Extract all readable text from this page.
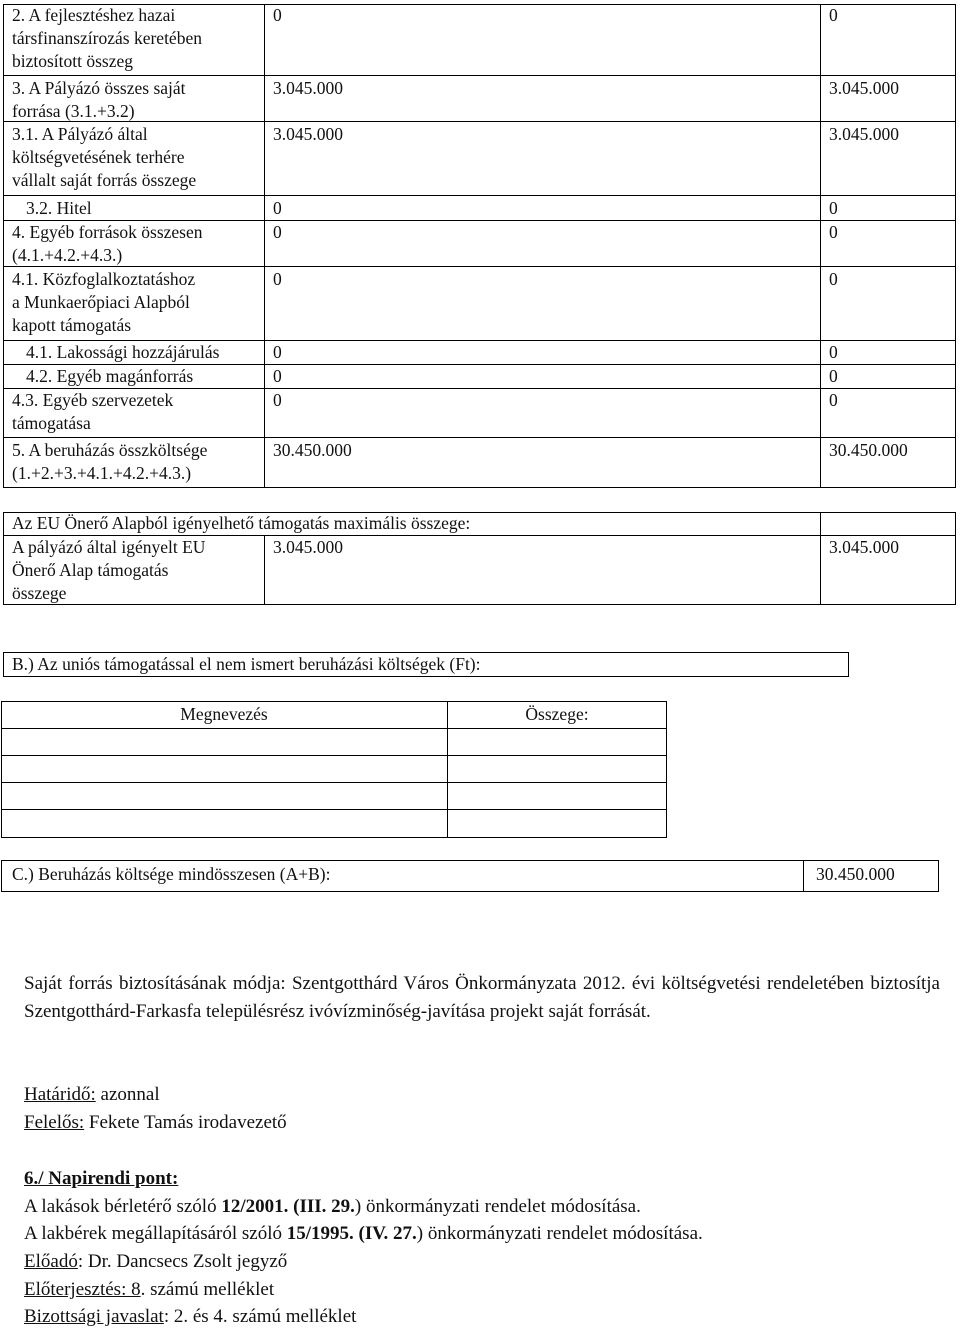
2. A fejlesztéshez hazai
társfinanszírozás keretében
biztosított összeg
0	0
3. A Pályázó összes saját
forrása (3.1.+3.2)
3.045.000	3.045.000
3.1. A Pályázó által
költségvetésének terhére
vállalt saját forrás összege
3.045.000	3.045.000
3.2. Hitel	0	0
4. Egyéb források összesen
(4.1.+4.2.+4.3.)
0	0
4.1. Közfoglalkoztatáshoz
a Munkaerőpiaci Alapból
kapott támogatás
0	0
4.1. Lakossági hozzájárulás	0	0
4.2. Egyéb magánforrás	0	0
4.3. Egyéb szervezetek
támogatása
0	0
5. A beruházás összköltsége
(1.+2.+3.+4.1.+4.2.+4.3.)
30.450.000	30.450.000
Az EU Önerő Alapból igényelhető támogatás maximális összege:
A pályázó által igényelt EU
Önerő Alap támogatás
összege
3.045.000	3.045.000
B.) Az uniós támogatással el nem ismert beruházási költségek (Ft):
Megnevezés	Összege:
C.) Beruházás költsége mindösszesen (A+B):	30.450.000
Saját forrás biztosításának módja: Szentgotthárd Város Önkormányzata 2012. évi költségvetési rendeletében biztosítja Szentgotthárd-Farkasfa településrész ivóvízminőség-javítása projekt saját forrását.
Határidő: azonnal
Felelős: Fekete Tamás irodavezető
6./ Napirendi pont:
A lakások bérletérő szóló 12/2001. (III. 29.) önkormányzati rendelet módosítása.
A lakbérek megállapításáról szóló 15/1995. (IV. 27.) önkormányzati rendelet módosítása.
Előadó: Dr. Dancsecs Zsolt jegyző
Előterjesztés: 8. számú melléklet
Bizottsági javaslat: 2. és 4. számú melléklet
